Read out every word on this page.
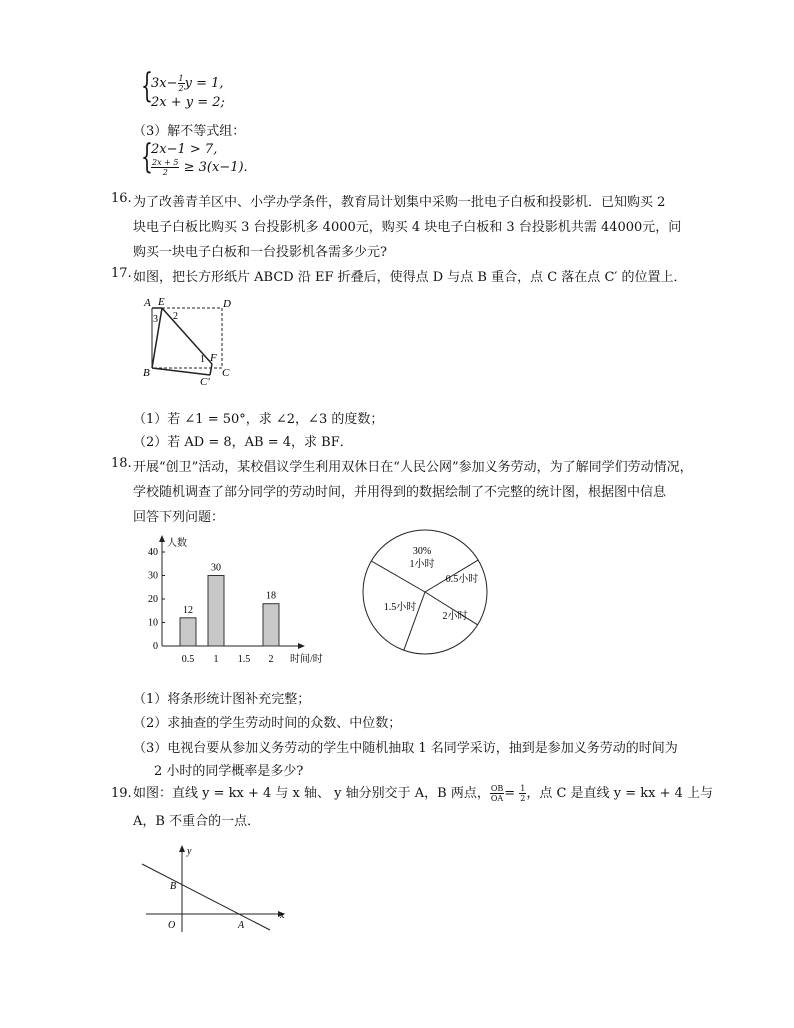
{
$3x- \frac{1}{2}$ y = 1,
2x + y = 2;
（3）解不等式组：
{
2x−1 > 7,
$\frac{2x + 5}{2} \ge 3(x-1)$.
16. 为了改善青羊区中、小学办学条件，教育局计划集中采购一批电子白板和投影机．已知购买 2
块电子白板比购买 3 台投影机多 4000元，购买 4 块电子白板和 3 台投影机共需 44000元，问
购买一块电子白板和一台投影机各需多少元?
17. 如图，把长方形纸片 ABCD 沿 EF 折叠后，使得点 D 与点 B 重合，点 C 落在点 C′ 的位置上．
A E	D
B	C
C′
F
1
2
3
（1）若 ∠1 = 50°，求 ∠2，∠3 的度数；
（2）若 AD = 8，AB = 4，求 BF．
18. 开展“创卫”活动，某校倡议学生利用双休日在“人民公网”参加义务劳动，为了解同学们劳动情况，
学校随机调查了部分同学的劳动时间，并用得到的数据绘制了不完整的统计图，根据图中信息
回答下列问题：
人数
时间/时
0
10
20
30
40
0.5
12
1
30
1.5 2
18
30%
1小时
0.5小时
2小时
1.5小时
（1）将条形统计图补充完整；
（2）求抽查的学生劳动时间的众数、中位数；
（3）电视台要从参加义务劳动的学生中随机抽取 1 名同学采访，抽到是参加义务劳动的时间为
2 小时的同学概率是多少?
19. 如图：直线 y = kx + 4 与 x 轴、 y 轴分别交于 A，B 两点， $\frac{OB}{OA} = \frac{1}{2}$ ，点 C 是直线 y = kx + 4 上与
A，B 不重合的一点．
y
x
B
O	A
